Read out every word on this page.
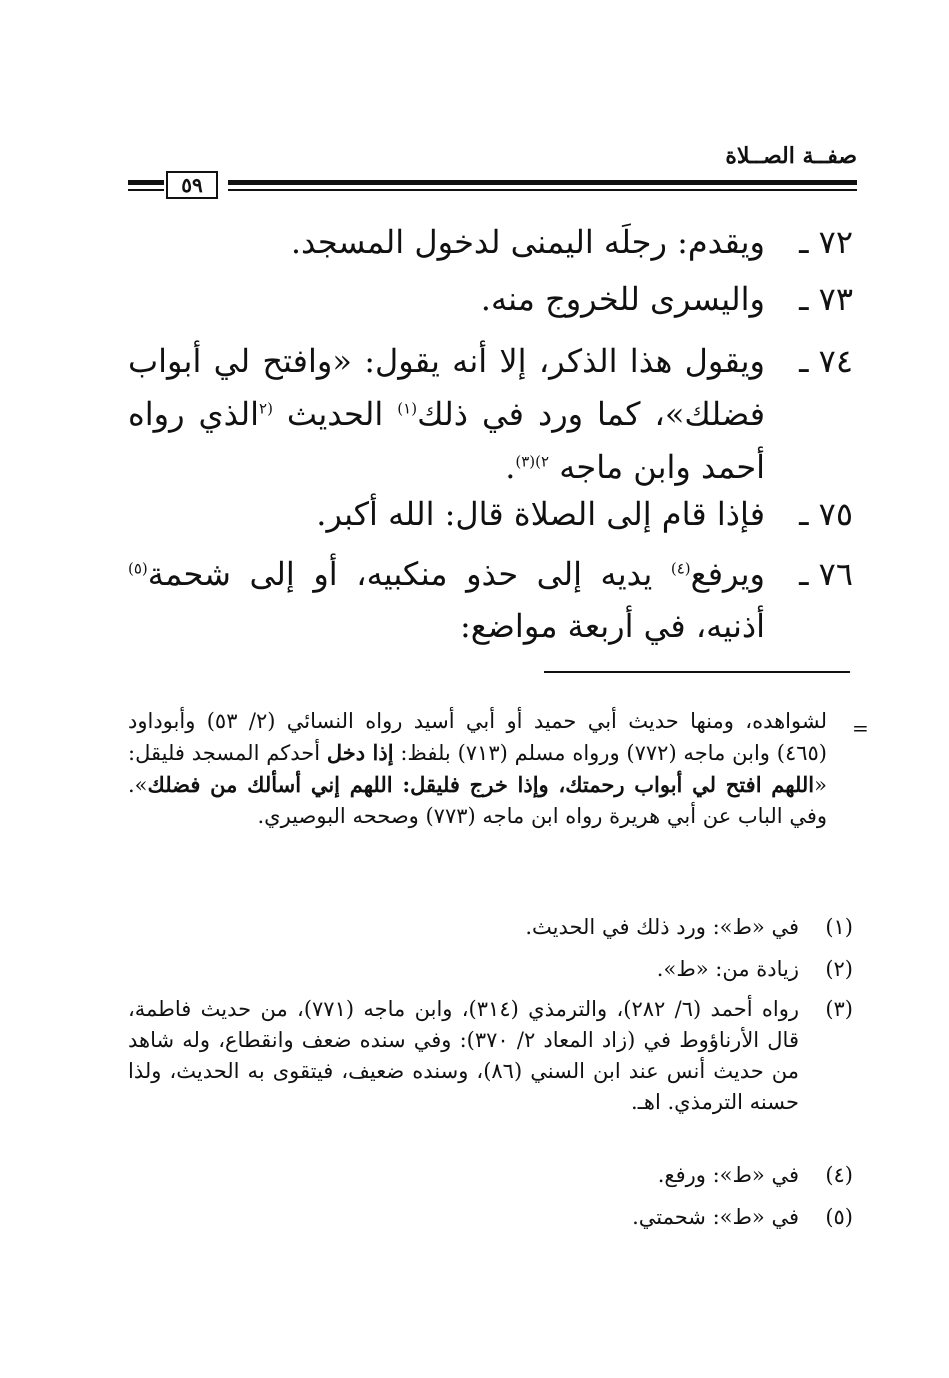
صفــة الصــلاة
٥٩
٧٢ ـ
ويقدم: رجلَه اليمنى لدخول المسجد.
٧٣ ـ
واليسرى للخروج منه.
٧٤ ـ
ويقول هذا الذكر، إلا أنه يقول: «وافتح لي أبواب فضلك»، كما ورد في ذلك$^{(١)}$ الحديث $^{(٢}$الذي رواه أحمد وابن ماجه $^{٢)(٣)}$.
٧٥ ـ
فإذا قام إلى الصلاة قال: الله أكبر.
٧٦ ـ
ويرفع$^{(٤)}$ يديه إلى حذو منكبيه، أو إلى شحمة$^{(٥)}$ أذنيه، في أربعة مواضع:
=
لشواهده، ومنها حديث أبي حميد أو أبي أسيد رواه النسائي (٢/ ٥٣) وأبوداود (٤٦٥) وابن ماجه (٧٧٢) ورواه مسلم (٧١٣) بلفظ: إذا دخل أحدكم المسجد فليقل: «اللهم افتح لي أبواب رحمتك، وإذا خرج فليقل: اللهم إني أسألك من فضلك». وفي الباب عن أبي هريرة رواه ابن ماجه (٧٧٣) وصححه البوصيري.
(١)
في «ط»: ورد ذلك في الحديث.
(٢)
زيادة من: «ط».
(٣)
رواه أحمد (٦/ ٢٨٢)، والترمذي (٣١٤)، وابن ماجه (٧٧١)، من حديث فاطمة، قال الأرناؤوط في (زاد المعاد ٢/ ٣٧٠): وفي سنده ضعف وانقطاع، وله شاهد من حديث أنس عند ابن السني (٨٦)، وسنده ضعيف، فيتقوى به الحديث، ولذا حسنه الترمذي. اهـ.
(٤)
في «ط»: ورفع.
(٥)
في «ط»: شحمتي.
